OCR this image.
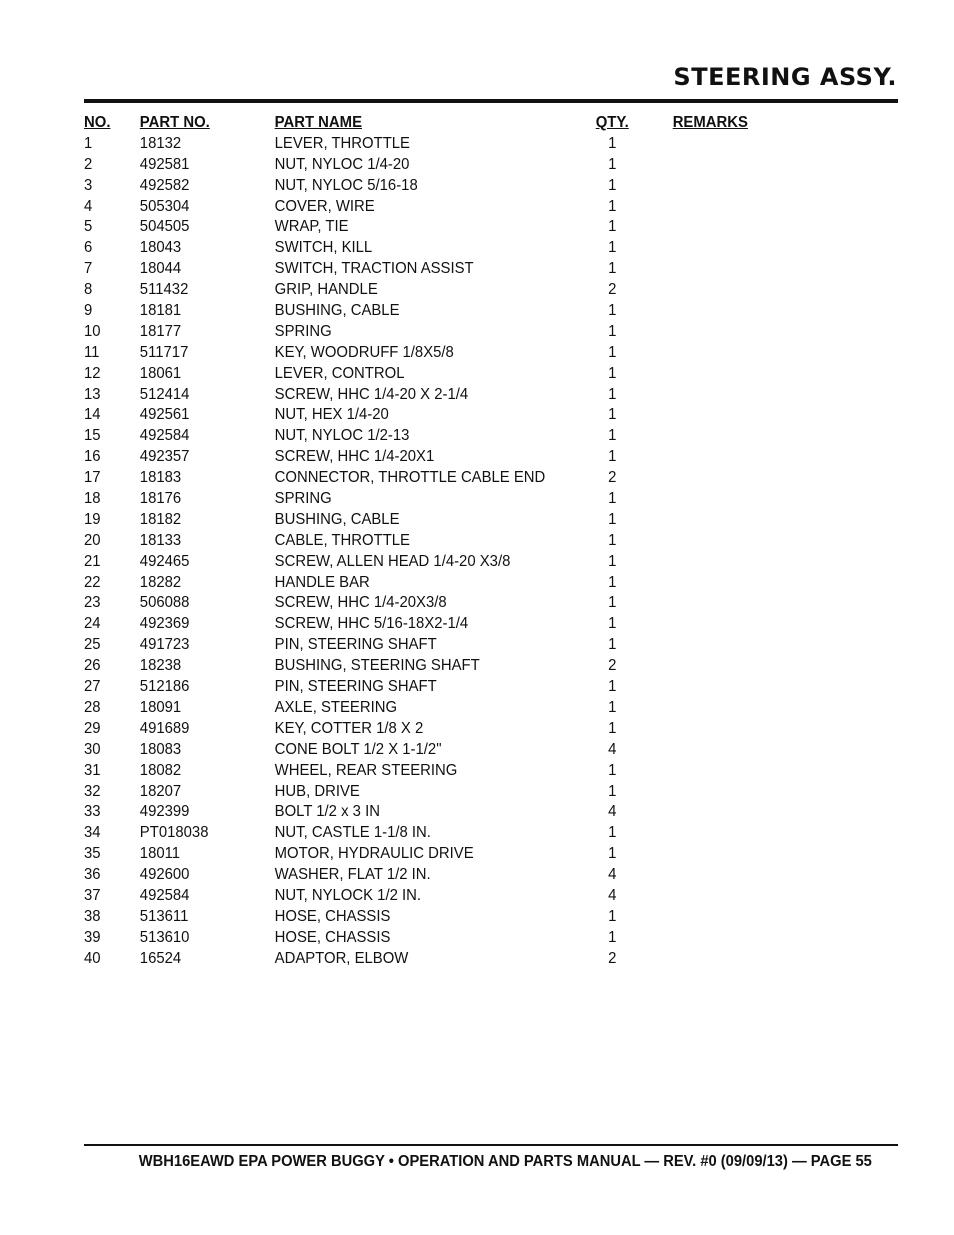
STEERING ASSY.
NO. PART NO.	PART NAME	QTY.	REMARKS
1	18132	LEVER, THROTTLE	1
2	492581	NUT, NYLOC 1/4-20	1
3	492582	NUT, NYLOC 5/16-18	1
4	505304	COVER, WIRE	1
5	504505	WRAP, TIE	1
6	18043	SWITCH, KILL	1
7	18044	SWITCH, TRACTION ASSIST	1
8	511432	GRIP, HANDLE	2
9	18181	BUSHING, CABLE	1
10 18177	SPRING	1
11	511717	KEY, WOODRUFF 1/8X5/8	1
12 18061	LEVER, CONTROL	1
13 512414	SCREW, HHC 1/4-20 X 2-1/4	1
14 492561	NUT, HEX 1/4-20	1
15 492584	NUT, NYLOC 1/2-13	1
16 492357	SCREW, HHC 1/4-20X1	1
17 18183	CONNECTOR, THROTTLE CABLE END	2
18 18176	SPRING	1
19 18182	BUSHING, CABLE	1
20 18133	CABLE, THROTTLE	1
21 492465	SCREW, ALLEN HEAD 1/4-20 X3/8	1
22 18282	HANDLE BAR	1
23 506088	SCREW, HHC 1/4-20X3/8	1
24 492369	SCREW, HHC 5/16-18X2-1/4	1
25 491723	PIN, STEERING SHAFT	1
26 18238	BUSHING, STEERING SHAFT	2
27 512186	PIN, STEERING SHAFT	1
28 18091	AXLE, STEERING	1
29 491689	KEY, COTTER 1/8 X 2	1
30 18083	CONE BOLT 1/2 X 1-1/2"	4
31 18082	WHEEL, REAR STEERING	1
32 18207	HUB, DRIVE	1
33 492399	BOLT 1/2 x 3 IN	4
34 PT018038	NUT, CASTLE 1-1/8 IN.	1
35 18011	MOTOR, HYDRAULIC DRIVE	1
36 492600	WASHER, FLAT 1/2 IN.	4
37 492584	NUT, NYLOCK 1/2 IN.	4
38 513611	HOSE, CHASSIS	1
39 513610	HOSE, CHASSIS	1
40 16524	ADAPTOR, ELBOW	2
WBH16EAWD EPA POWER BUGGY • OPERATION AND PARTS MANUAL — REV. #0 (09/09/13) — PAGE 55
